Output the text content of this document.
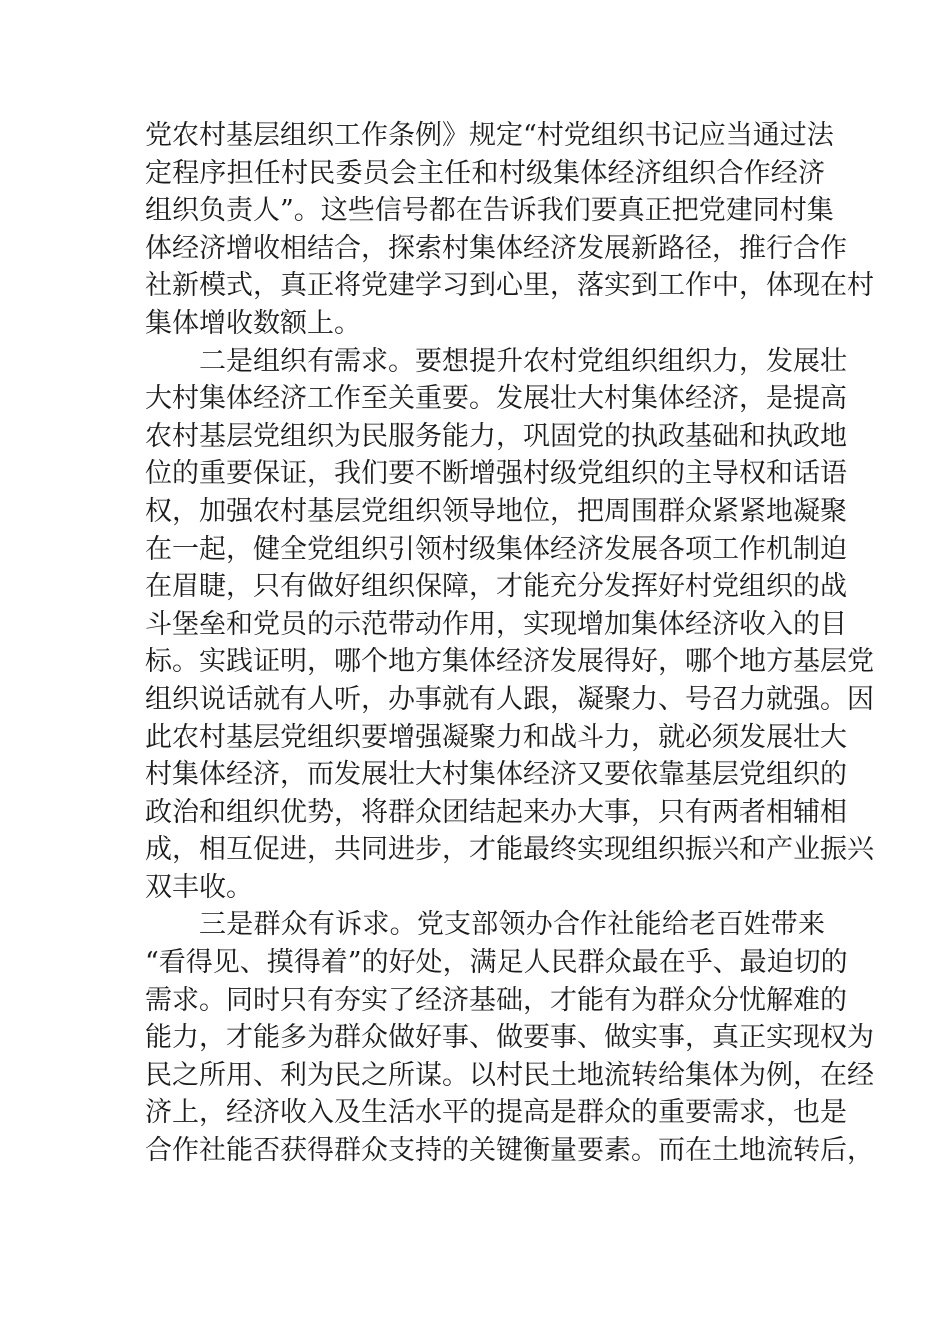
党农村基层组织工作条例》规定“村党组织书记应当通过法
定程序担任村民委员会主任和村级集体经济组织合作经济
组织负责人”。这些信号都在告诉我们要真正把党建同村集
体经济增收相结合，探索村集体经济发展新路径，推行合作
社新模式，真正将党建学习到心里，落实到工作中，体现在村
集体增收数额上。
二是组织有需求。要想提升农村党组织组织力，发展壮
大村集体经济工作至关重要。发展壮大村集体经济，是提高
农村基层党组织为民服务能力，巩固党的执政基础和执政地
位的重要保证，我们要不断增强村级党组织的主导权和话语
权，加强农村基层党组织领导地位，把周围群众紧紧地凝聚
在一起，健全党组织引领村级集体经济发展各项工作机制迫
在眉睫，只有做好组织保障，才能充分发挥好村党组织的战
斗堡垒和党员的示范带动作用，实现增加集体经济收入的目
标。实践证明，哪个地方集体经济发展得好，哪个地方基层党
组织说话就有人听，办事就有人跟，凝聚力、号召力就强。因
此农村基层党组织要增强凝聚力和战斗力，就必须发展壮大
村集体经济，而发展壮大村集体经济又要依靠基层党组织的
政治和组织优势，将群众团结起来办大事，只有两者相辅相
成，相互促进，共同进步，才能最终实现组织振兴和产业振兴
双丰收。
三是群众有诉求。党支部领办合作社能给老百姓带来
“看得见、摸得着”的好处，满足人民群众最在乎、最迫切的
需求。同时只有夯实了经济基础，才能有为群众分忧解难的
能力，才能多为群众做好事、做要事、做实事，真正实现权为
民之所用、利为民之所谋。以村民土地流转给集体为例，在经
济上，经济收入及生活水平的提高是群众的重要需求，也是
合作社能否获得群众支持的关键衡量要素。而在土地流转后，
